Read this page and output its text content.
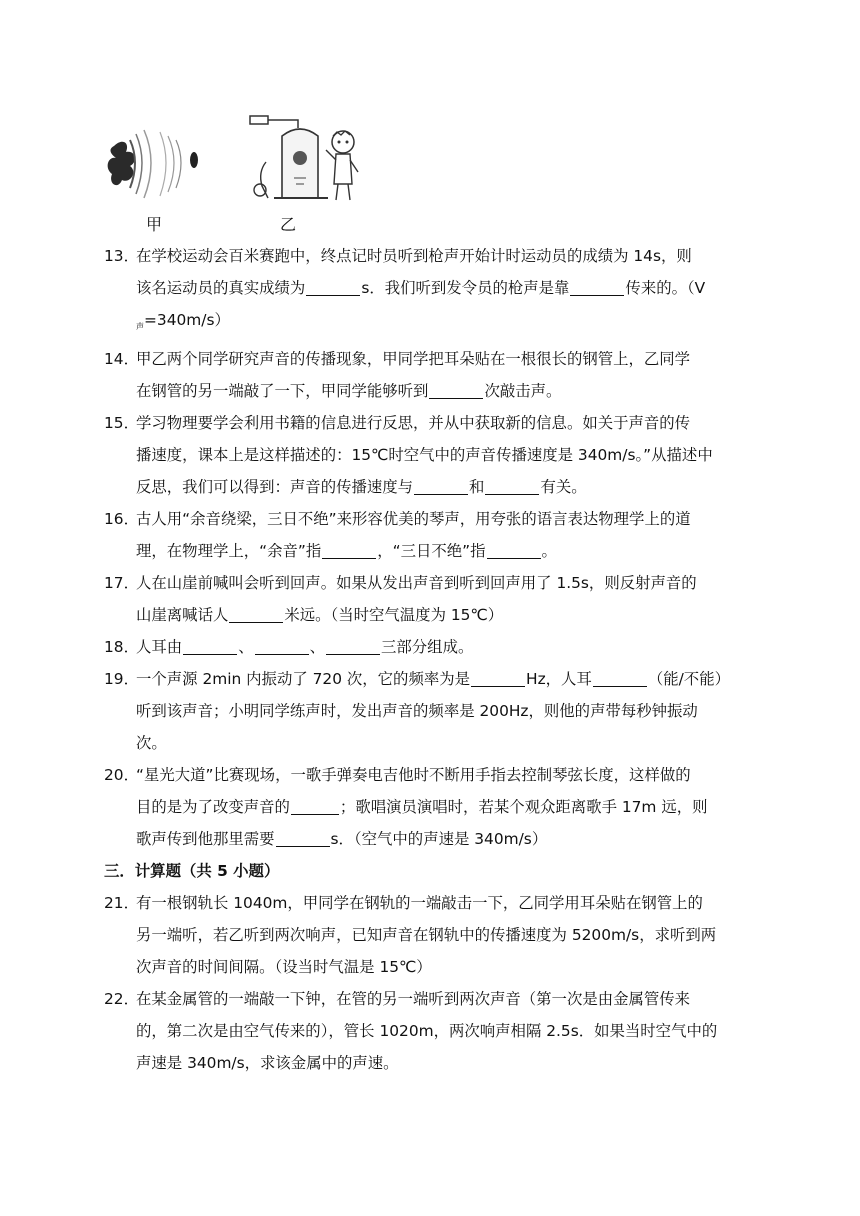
甲	乙
13．
在学校运动会百米赛跑中，终点记时员听到枪声开始计时运动员的成绩为 14s，则
该名运动员的真实成绩为	s．我们听到发令员的枪声是靠	传来的。（V
$_声$=340m/s）
14．
甲乙两个同学研究声音的传播现象，甲同学把耳朵贴在一根很长的钢管上，乙同学
在钢管的另一端敲了一下，甲同学能够听到	次敲击声。
15．
学习物理要学会利用书籍的信息进行反思，并从中获取新的信息。如关于声音的传
播速度，课本上是这样描述的：15℃时空气中的声音传播速度是 340m/s。”从描述中
反思，我们可以得到：声音的传播速度与	和	有关。
16．
古人用“余音绕梁，三日不绝”来形容优美的琴声，用夸张的语言表达物理学上的道
理，在物理学上，“余音”指	，“三日不绝”指	。
17．
人在山崖前喊叫会听到回声。如果从发出声音到听到回声用了 1.5s，则反射声音的
山崖离喊话人	米远。（当时空气温度为 15℃）
18．
人耳由	、	、	三部分组成。
19．
一个声源 2min 内振动了 720 次，它的频率为是	Hz，人耳	（能/不能）
听到该声音；小明同学练声时，发出声音的频率是 200Hz，则他的声带每秒钟振动
次。
20．
“星光大道”比赛现场，一歌手弹奏电吉他时不断用手指去控制琴弦长度，这样做的
目的是为了改变声音的	；歌唱演员演唱时，若某个观众距离歌手 17m 远，则
歌声传到他那里需要	s．（空气中的声速是 340m/s）
三．计算题（共 5 小题）
21．
有一根钢轨长 1040m，甲同学在钢轨的一端敲击一下，乙同学用耳朵贴在钢管上的
另一端听，若乙听到两次响声，已知声音在钢轨中的传播速度为 5200m/s，求听到两
次声音的时间间隔。（设当时气温是 15℃）
22．
在某金属管的一端敲一下钟，在管的另一端听到两次声音（第一次是由金属管传来
的，第二次是由空气传来的），管长 1020m，两次响声相隔 2.5s．如果当时空气中的
声速是 340m/s，求该金属中的声速。
